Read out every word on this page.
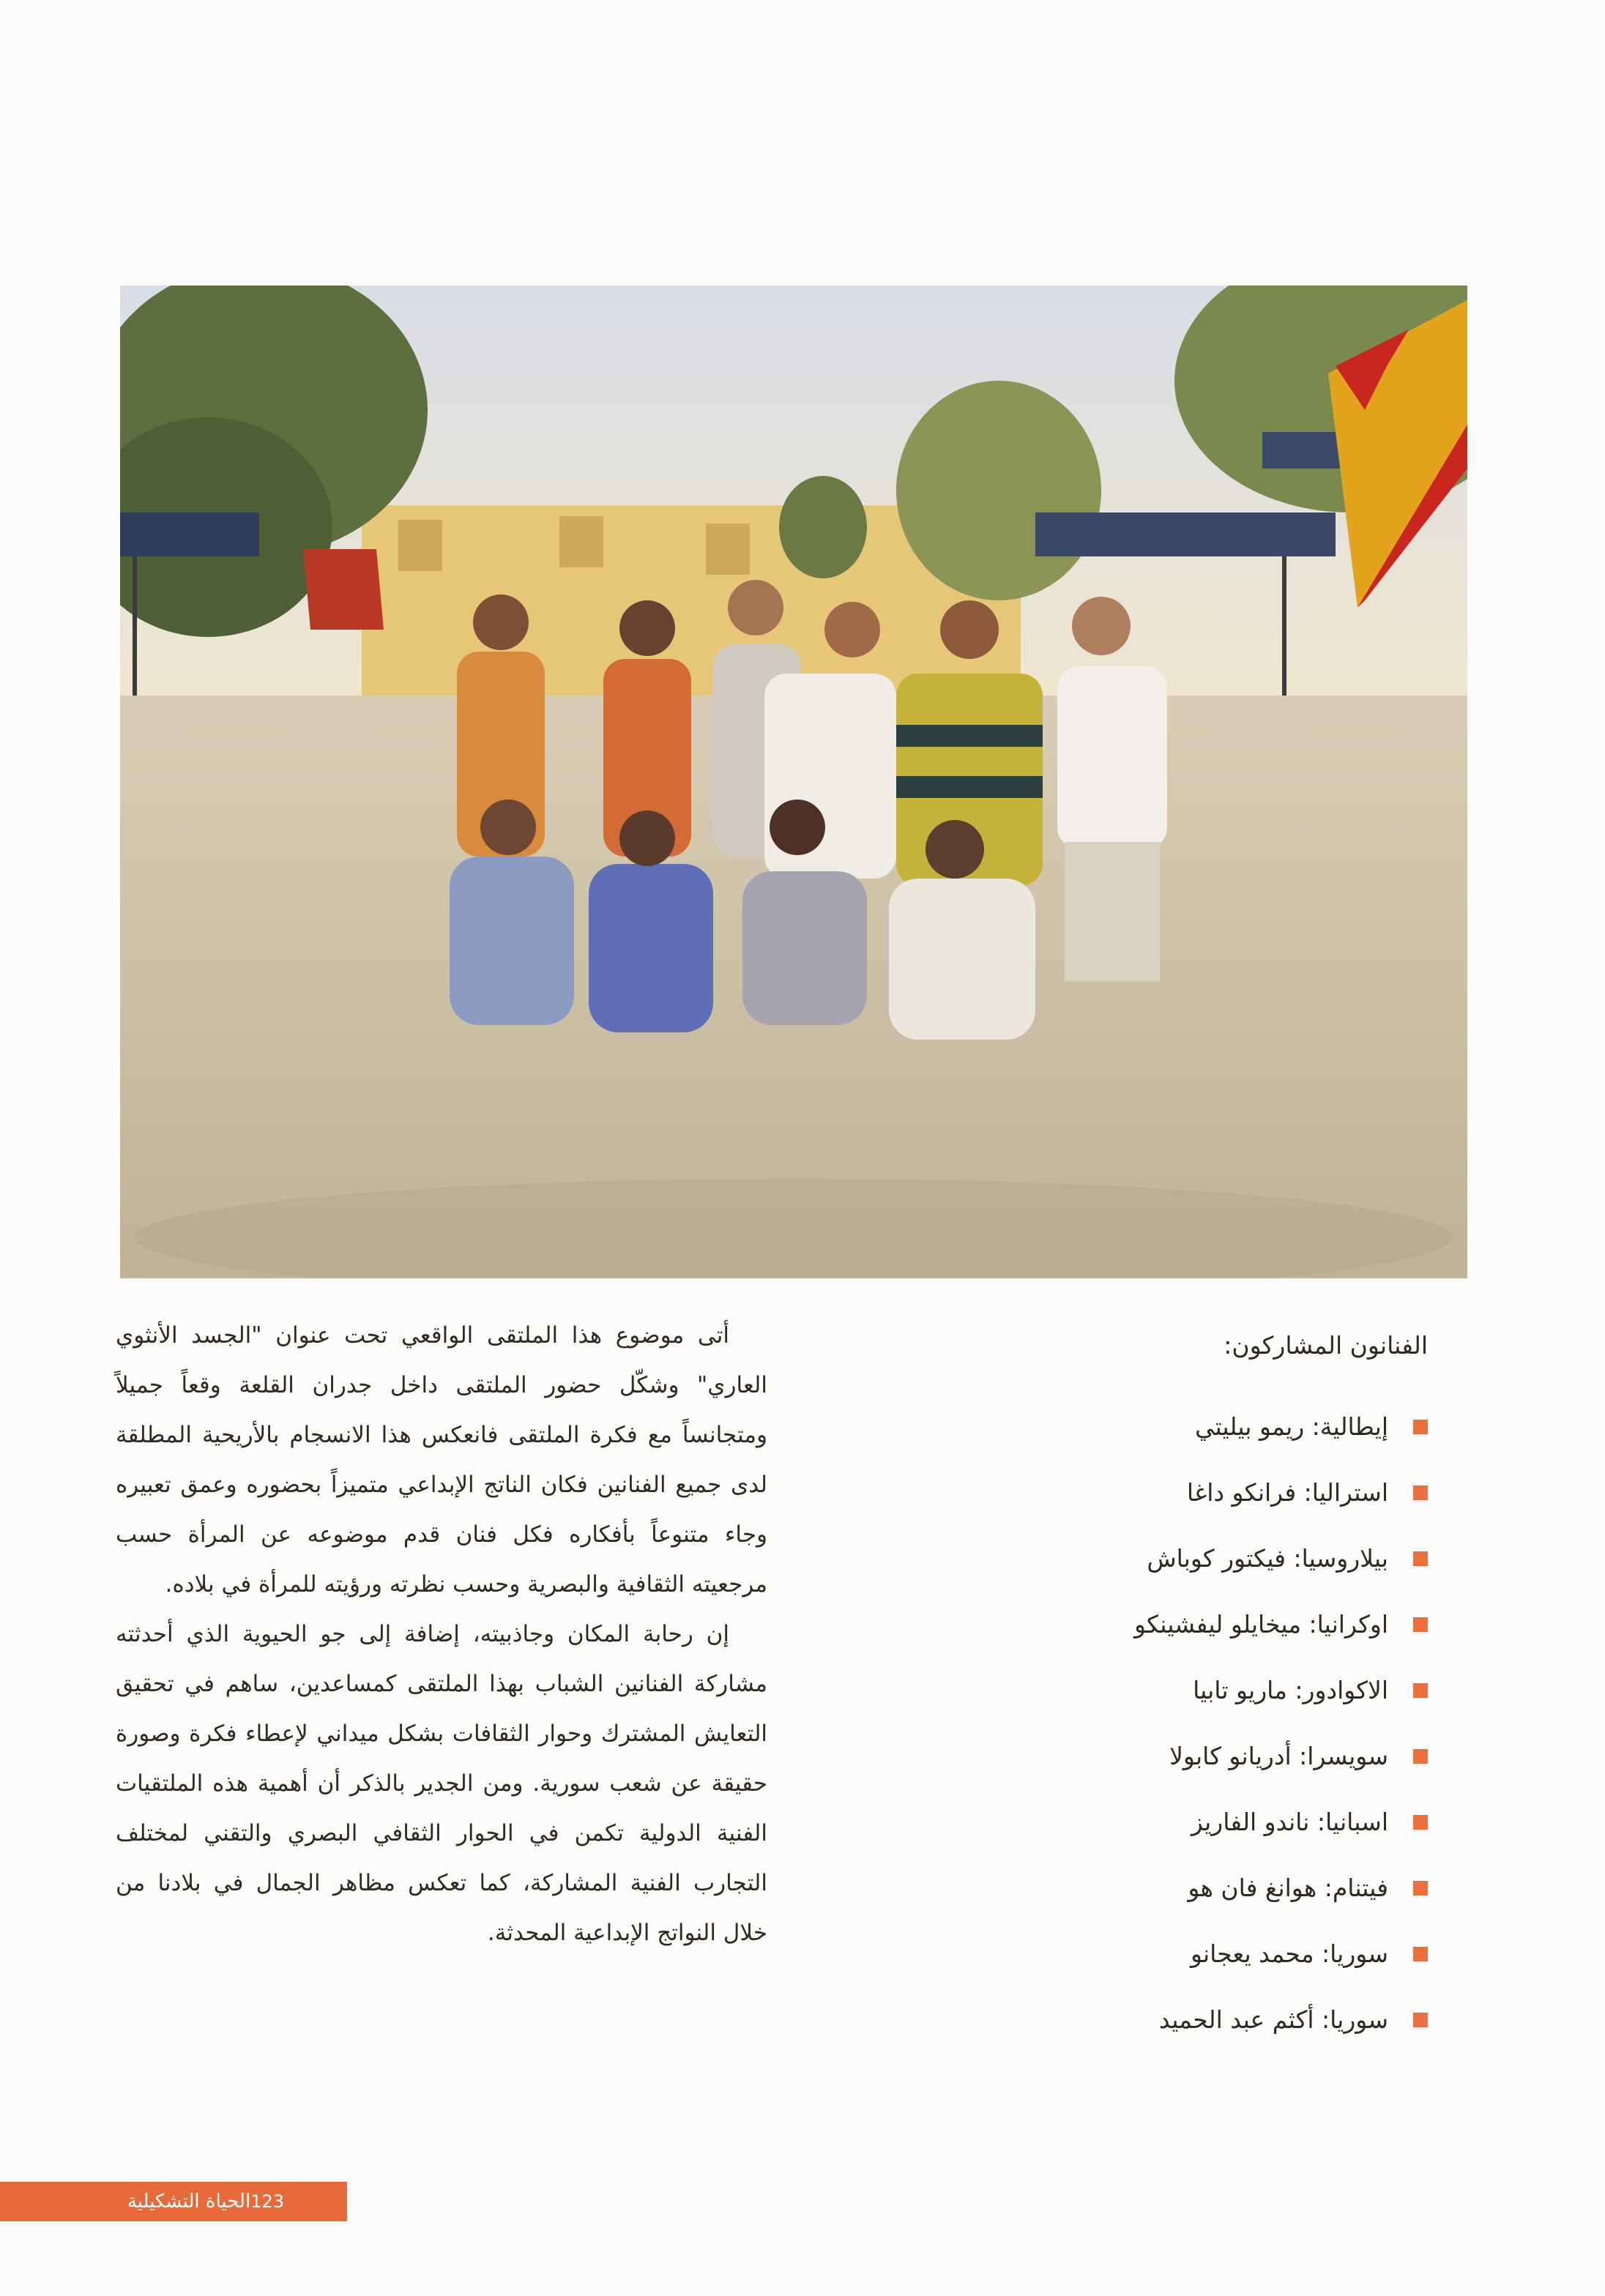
أتى موضوع هذا الملتقى الواقعي تحت عنوان "الجسد الأنثوي العاري" وشكّل حضور الملتقى داخل جدران القلعة وقعاً جميلاً ومتجانساً مع فكرة الملتقى فانعكس هذا الانسجام بالأريحية المطلقة لدى جميع الفنانين فكان الناتج الإبداعي متميزاً بحضوره وعمق تعبيره وجاء متنوعاً بأفكاره فكل فنان قدم موضوعه عن المرأة حسب مرجعيته الثقافية والبصرية وحسب نظرته ورؤيته للمرأة في بلاده.

إن رحابة المكان وجاذبيته، إضافة إلى جو الحيوية الذي أحدثته مشاركة الفنانين الشباب بهذا الملتقى كمساعدين، ساهم في تحقيق التعايش المشترك وحوار الثقافات بشكل ميداني لإعطاء فكرة وصورة حقيقة عن شعب سورية. ومن الجدير بالذكر أن أهمية هذه الملتقيات الفنية الدولية تكمن في الحوار الثقافي البصري والتقني لمختلف التجارب الفنية المشاركة، كما تعكس مظاهر الجمال في بلادنا من خلال النواتج الإبداعية المحدثة.

الفنانون المشاركون:
إيطالية: ريمو بيليتي
استراليا: فرانكو داغا
بيلاروسيا: فيكتور كوباش
اوكرانيا: ميخايلو ليفشينكو
الاكوادور: ماريو تابيا
سويسرا: أدريانو كابولا
اسبانيا: ناندو الفاريز
فيتنام: هوانغ فان هو
سوريا: محمد يعجانو
سوريا: أكثم عبد الحميد
الحياة التشكيلية 123
